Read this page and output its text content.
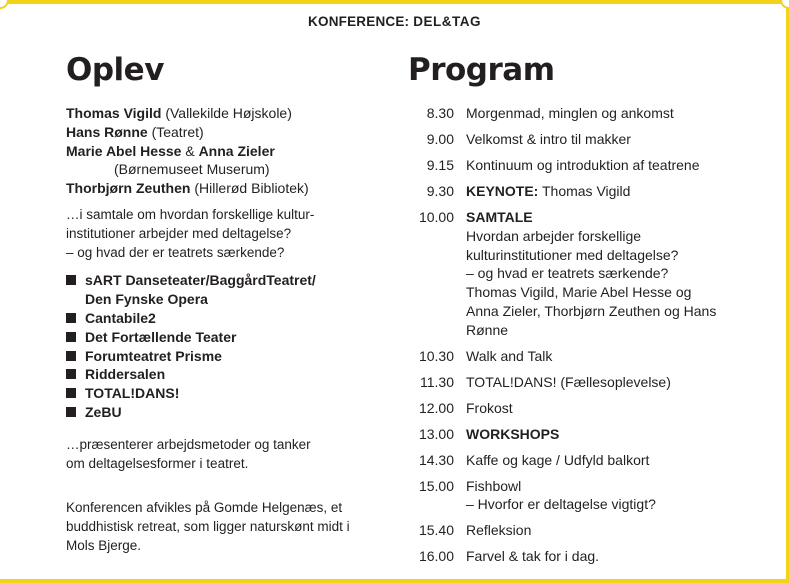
KONFERENCE: DEL&TAG
Oplev	Program
Thomas Vigild (Vallekilde Højskole)
Hans Rønne (Teatret)
Marie Abel Hesse & Anna Zieler
(Børnemuseet Muserum)
Thorbjørn Zeuthen (Hillerød Bibliotek)
…i samtale om hvordan forskellige kultur-
institutioner arbejder med deltagelse?
– og hvad der er teatrets særkende?
sART Danseteater/BaggårdTeatret/
Den Fynske Opera
Cantabile2
Det Fortællende Teater
Forumteatret Prisme
Riddersalen
TOTAL!DANS!
ZeBU
…præsenterer arbejdsmetoder og tanker
om deltagelsesformer i teatret.
Konferencen afvikles på Gomde Helgenæs, et
buddhistisk retreat, som ligger naturskønt midt i
Mols Bjerge.
8.30 Morgenmad, minglen og ankomst
9.00 Velkomst & intro til makker
9.15 Kontinuum og introduktion af teatrene
9.30 KEYNOTE: Thomas Vigild
10.00 SAMTALE
Hvordan arbejder forskellige
kulturinstitutioner med deltagelse?
– og hvad er teatrets særkende?
Thomas Vigild, Marie Abel Hesse og
Anna Zieler, Thorbjørn Zeuthen og Hans
Rønne
10.30 Walk and Talk
11.30 TOTAL!DANS! (Fællesoplevelse)
12.00 Frokost
13.00 WORKSHOPS
14.30 Kaffe og kage / Udfyld balkort
15.00 Fishbowl
– Hvorfor er deltagelse vigtigt?
15.40 Refleksion
16.00 Farvel & tak for i dag.
